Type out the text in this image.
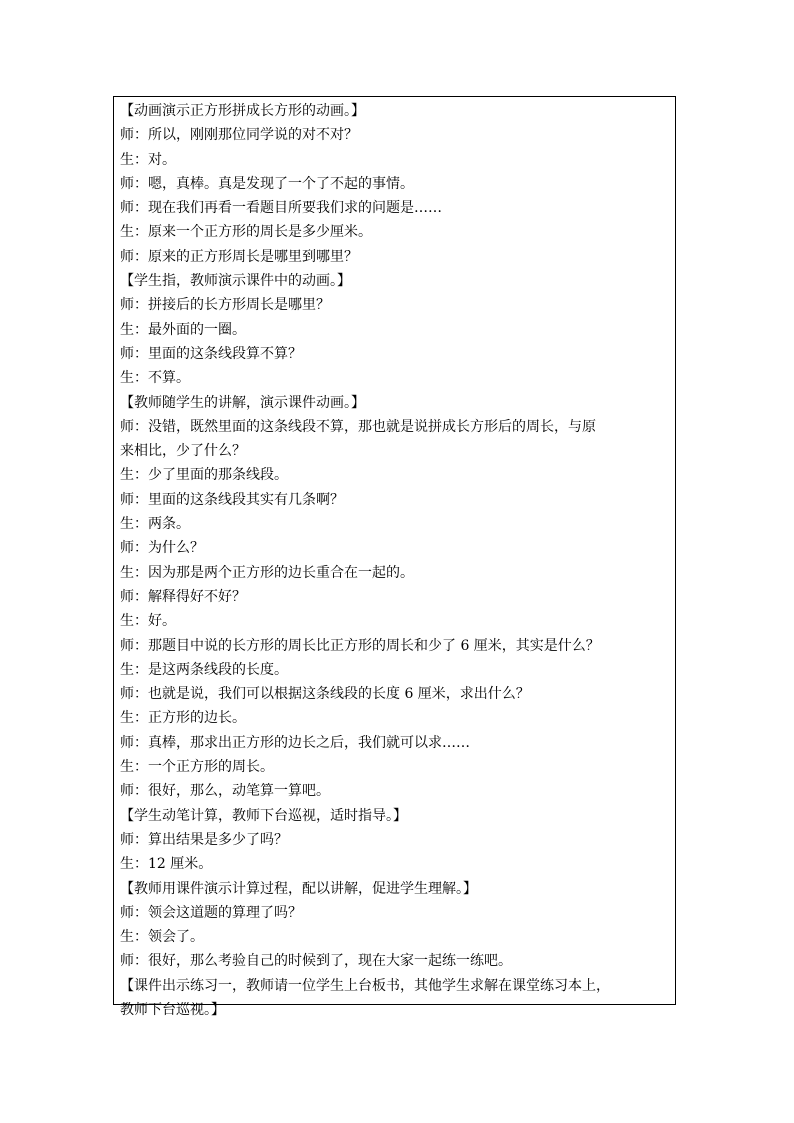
【动画演示正方形拼成长方形的动画。】
师：所以，刚刚那位同学说的对不对？
生：对。
师：嗯，真棒。真是发现了一个了不起的事情。
师：现在我们再看一看题目所要我们求的问题是……
生：原来一个正方形的周长是多少厘米。
师：原来的正方形周长是哪里到哪里？
【学生指，教师演示课件中的动画。】
师：拼接后的长方形周长是哪里？
生：最外面的一圈。
师：里面的这条线段算不算？
生：不算。
【教师随学生的讲解，演示课件动画。】
师：没错，既然里面的这条线段不算，那也就是说拼成长方形后的周长，与原
来相比，少了什么？
生：少了里面的那条线段。
师：里面的这条线段其实有几条啊？
生：两条。
师：为什么？
生：因为那是两个正方形的边长重合在一起的。
师：解释得好不好？
生：好。
师：那题目中说的长方形的周长比正方形的周长和少了 6 厘米，其实是什么？
生：是这两条线段的长度。
师：也就是说，我们可以根据这条线段的长度 6 厘米，求出什么？
生：正方形的边长。
师：真棒，那求出正方形的边长之后，我们就可以求……
生：一个正方形的周长。
师：很好，那么，动笔算一算吧。
【学生动笔计算，教师下台巡视，适时指导。】
师：算出结果是多少了吗？
生：12 厘米。
【教师用课件演示计算过程，配以讲解，促进学生理解。】
师：领会这道题的算理了吗？
生：领会了。
师：很好，那么考验自己的时候到了，现在大家一起练一练吧。
【课件出示练习一，教师请一位学生上台板书，其他学生求解在课堂练习本上，
教师下台巡视。】
